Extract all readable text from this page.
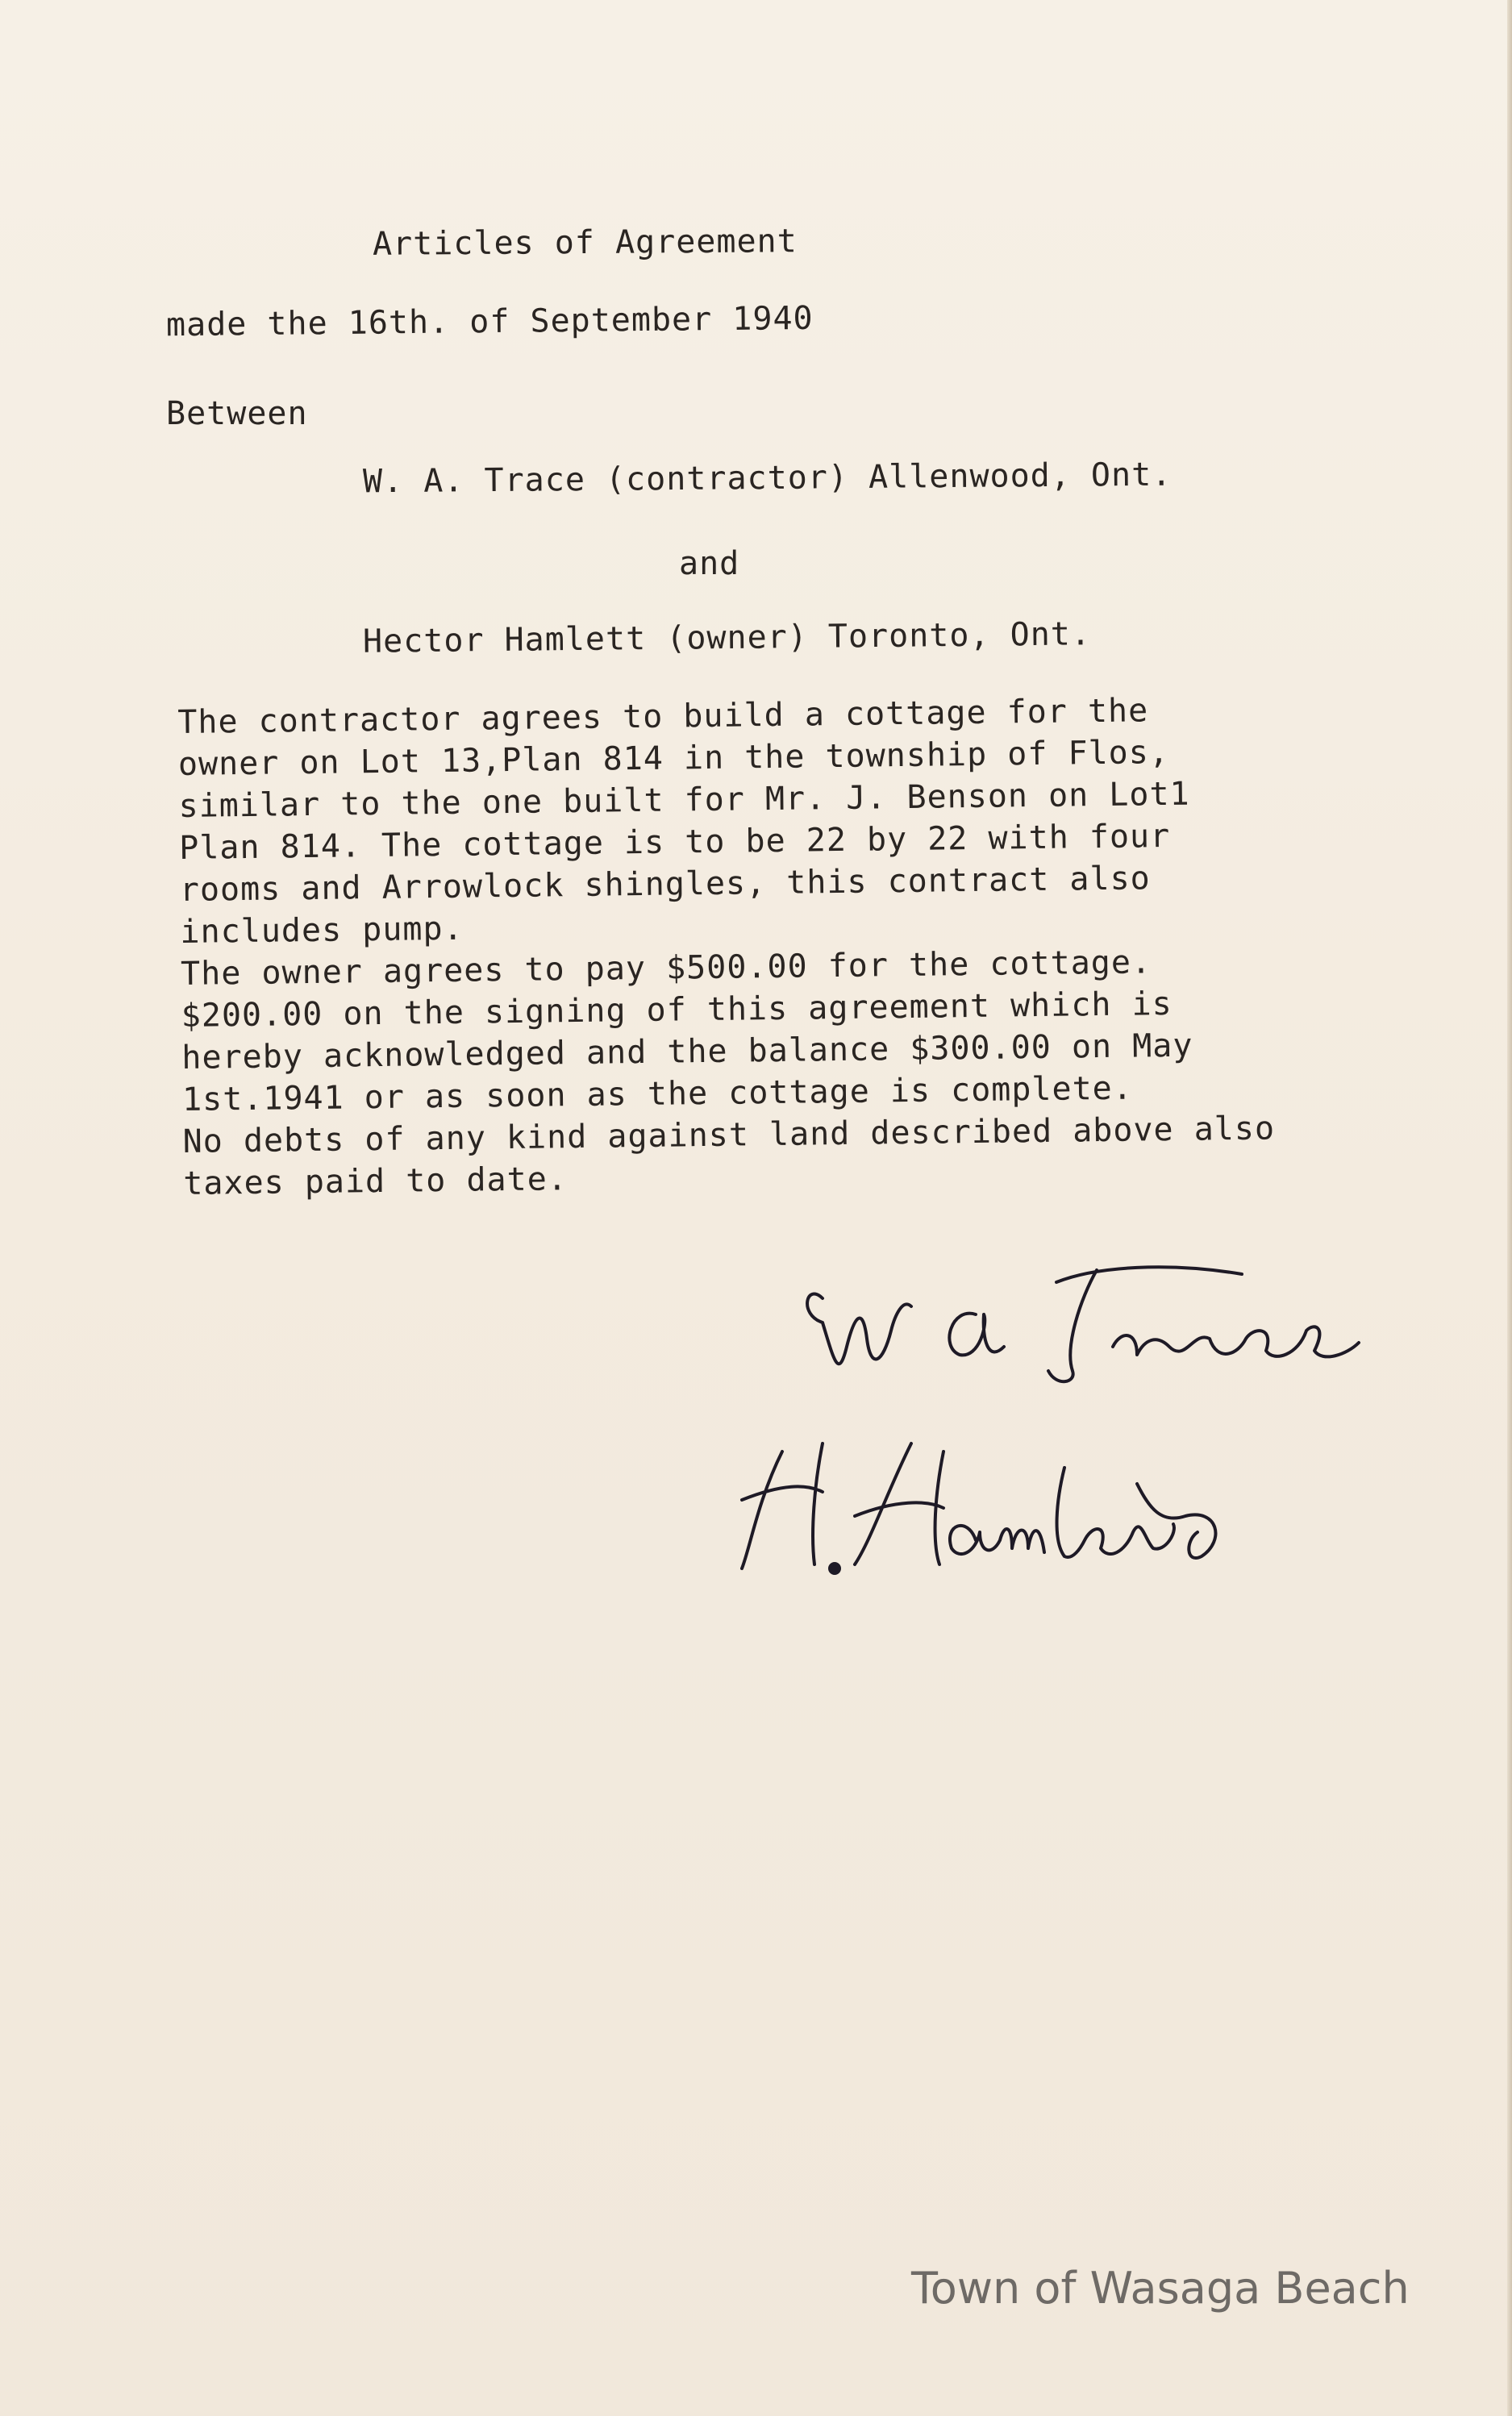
Articles of Agreement

made the 16th. of September 1940

Between

W. A. Trace (contractor) Allenwood, Ont.

and

Hector Hamlett (owner) Toronto, Ont.

The contractor agrees to build a cottage for the
owner on Lot 13,Plan 814 in the township of Flos,
similar to the one built for Mr. J. Benson on Lot1
Plan 814. The cottage is to be 22 by 22 with four
rooms and Arrowlock shingles, this contract also
includes pump.
The owner agrees to pay $500.00 for the cottage.
$200.00 on the signing of this agreement which is
hereby acknowledged and the balance $300.00 on May
1st.1941 or as soon as the cottage is complete.
No debts of any kind against land described above also
taxes paid to date.

Town of Wasaga Beach
